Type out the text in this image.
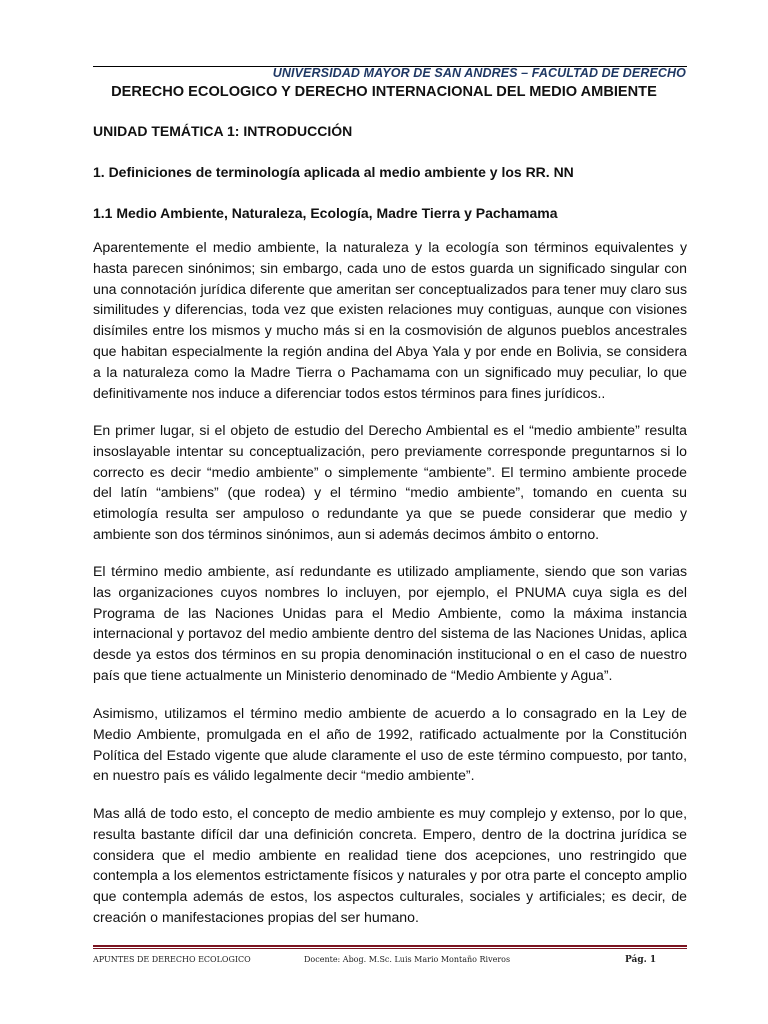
UNIVERSIDAD MAYOR DE SAN ANDRES – FACULTAD DE DERECHO
DERECHO ECOLOGICO Y DERECHO INTERNACIONAL DEL MEDIO AMBIENTE
UNIDAD TEMÁTICA 1: INTRODUCCIÓN
1. Definiciones de terminología aplicada al medio ambiente y los RR. NN
1.1 Medio Ambiente, Naturaleza, Ecología, Madre Tierra y Pachamama

Aparentemente el medio ambiente, la naturaleza y la ecología son términos equivalentes y hasta parecen sinónimos; sin embargo, cada uno de estos guarda un significado singular con una connotación jurídica diferente que ameritan ser conceptualizados para tener muy claro sus similitudes y diferencias, toda vez que existen relaciones muy contiguas, aunque con visiones disímiles entre los mismos y mucho más si en la cosmovisión de algunos pueblos ancestrales que habitan especialmente la región andina del Abya Yala y por ende en Bolivia, se considera a la naturaleza como la Madre Tierra o Pachamama con un significado muy peculiar, lo que definitivamente nos induce a diferenciar todos estos términos para fines jurídicos..

En primer lugar, si el objeto de estudio del Derecho Ambiental es el “medio ambiente” resulta insoslayable intentar su conceptualización, pero previamente corresponde preguntarnos si lo correcto es decir “medio ambiente” o simplemente “ambiente”. El termino ambiente procede del latín “ambiens” (que rodea) y el término “medio ambiente”, tomando en cuenta su etimología resulta ser ampuloso o redundante ya que se puede considerar que medio y ambiente son dos términos sinónimos, aun si además decimos ámbito o entorno.

El término medio ambiente, así redundante es utilizado ampliamente, siendo que son varias las organizaciones cuyos nombres lo incluyen, por ejemplo, el PNUMA cuya sigla es del Programa de las Naciones Unidas para el Medio Ambiente, como la máxima instancia internacional y portavoz del medio ambiente dentro del sistema de las Naciones Unidas, aplica desde ya estos dos términos en su propia denominación institucional o en el caso de nuestro país que tiene actualmente un Ministerio denominado de “Medio Ambiente y Agua”.

Asimismo, utilizamos el término medio ambiente de acuerdo a lo consagrado en la Ley de Medio Ambiente, promulgada en el año de 1992, ratificado actualmente por la Constitución Política del Estado vigente que alude claramente el uso de este término compuesto, por tanto, en nuestro país es válido legalmente decir “medio ambiente”.

Mas allá de todo esto, el concepto de medio ambiente es muy complejo y extenso, por lo que, resulta bastante difícil dar una definición concreta. Empero, dentro de la doctrina jurídica se considera que el medio ambiente en realidad tiene dos acepciones, uno restringido que contempla a los elementos estrictamente físicos y naturales y por otra parte el concepto amplio que contempla además de estos, los aspectos culturales, sociales y artificiales; es decir, de creación o manifestaciones propias del ser humano.

APUNTES DE DERECHO ECOLOGICO	Docente: Abog. M.Sc. Luis Mario Montaño Riveros	Pág. 1
